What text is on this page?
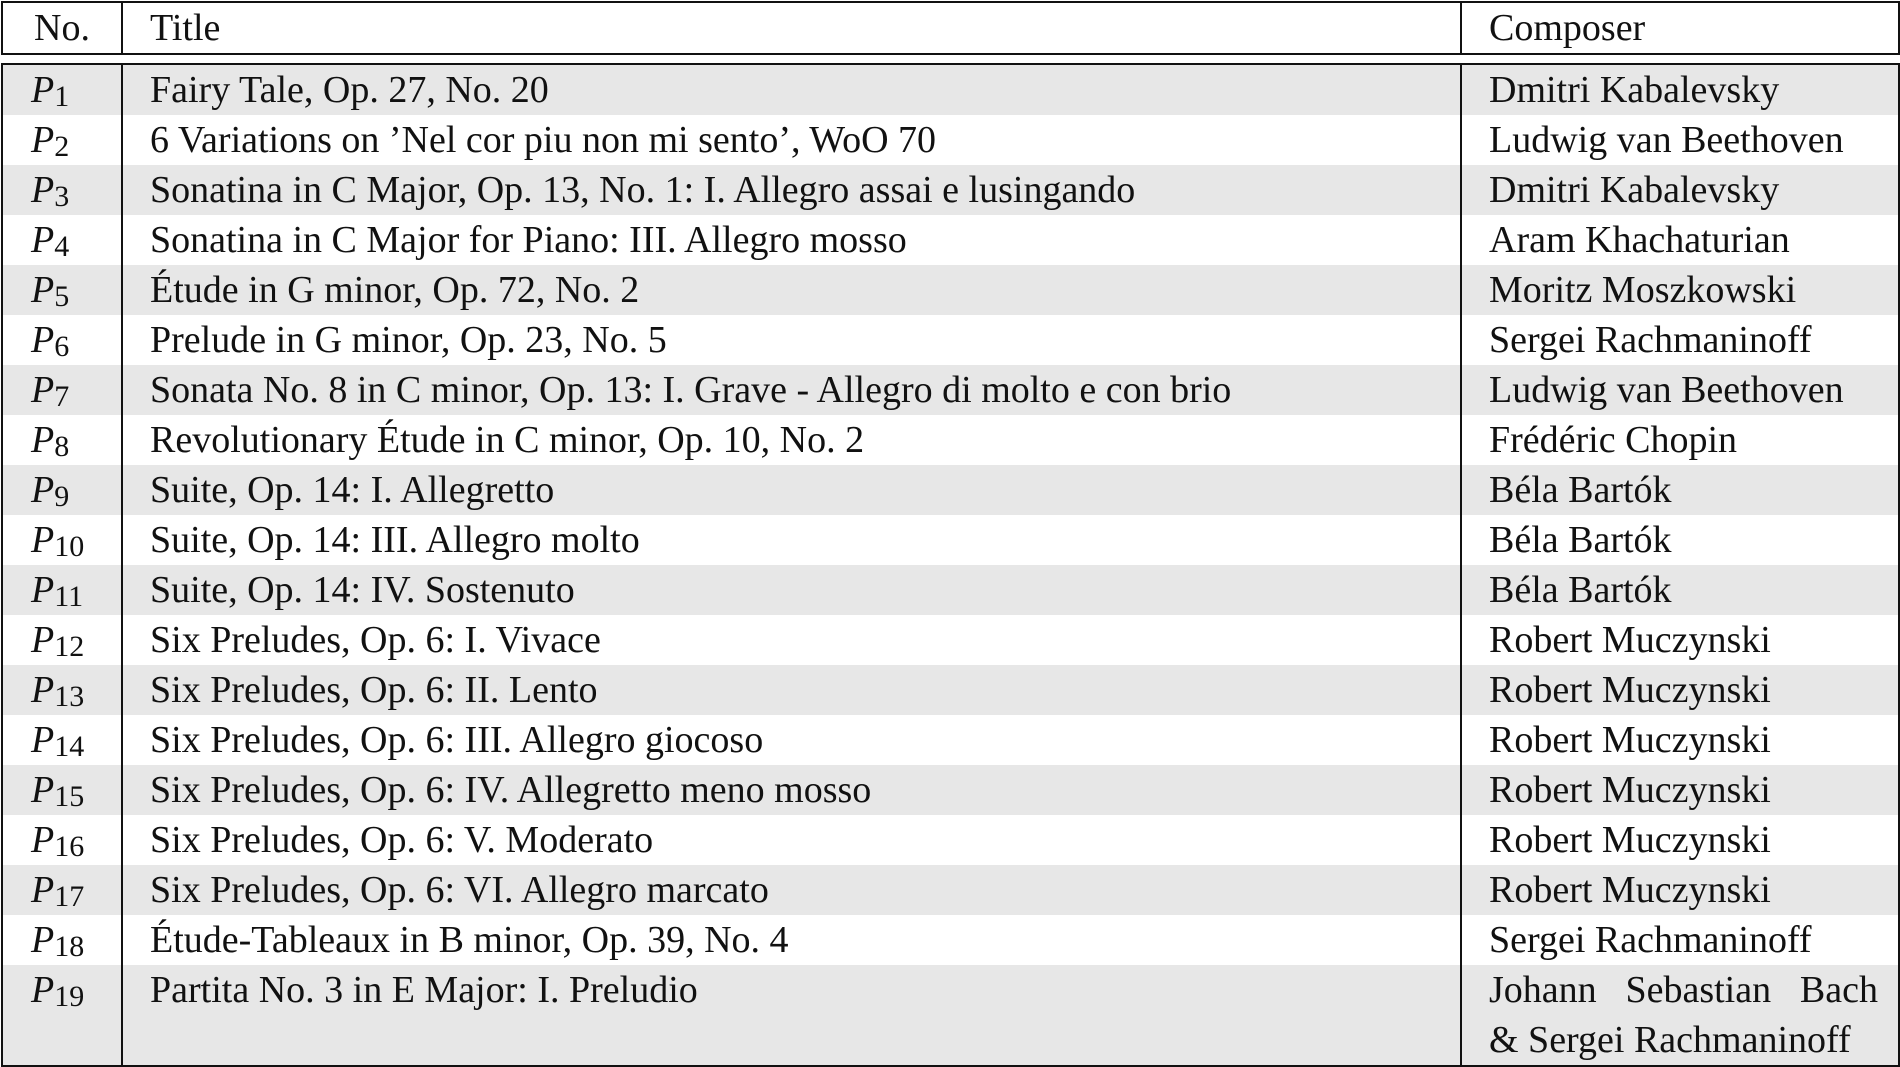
No.	Title	Composer
$P_1$	Fairy Tale, Op. 27, No. 20	Dmitri Kabalevsky

$P_2$	6 Variations on ’Nel cor piu non mi sento’, WoO 70	Ludwig van Beethoven

$P_3$	Sonatina in C Major, Op. 13, No. 1: I. Allegro assai e lusingando	Dmitri Kabalevsky

$P_4$	Sonatina in C Major for Piano: III. Allegro mosso	Aram Khachaturian

$P_5$	Étude in G minor, Op. 72, No. 2	Moritz Moszkowski

$P_6$	Prelude in G minor, Op. 23, No. 5	Sergei Rachmaninoff

$P_7$	Sonata No. 8 in C minor, Op. 13: I. Grave - Allegro di molto e con brio	Ludwig van Beethoven

$P_8$	Revolutionary Étude in C minor, Op. 10, No. 2	Frédéric Chopin

$P_9$	Suite, Op. 14: I. Allegretto	Béla Bartók

$P_{10}$	Suite, Op. 14: III. Allegro molto	Béla Bartók

$P_{11}$	Suite, Op. 14: IV. Sostenuto	Béla Bartók

$P_{12}$	Six Preludes, Op. 6: I. Vivace	Robert Muczynski

$P_{13}$	Six Preludes, Op. 6: II. Lento	Robert Muczynski

$P_{14}$	Six Preludes, Op. 6: III. Allegro giocoso	Robert Muczynski

$P_{15}$	Six Preludes, Op. 6: IV. Allegretto meno mosso	Robert Muczynski

$P_{16}$	Six Preludes, Op. 6: V. Moderato	Robert Muczynski

$P_{17}$	Six Preludes, Op. 6: VI. Allegro marcato	Robert Muczynski

$P_{18}$	Étude-Tableaux in B minor, Op. 39, No. 4	Sergei Rachmaninoff

$P_{19}$	Partita No. 3 in E Major: I. Preludio	Johann Sebastian Bach
& Sergei Rachmaninoff
